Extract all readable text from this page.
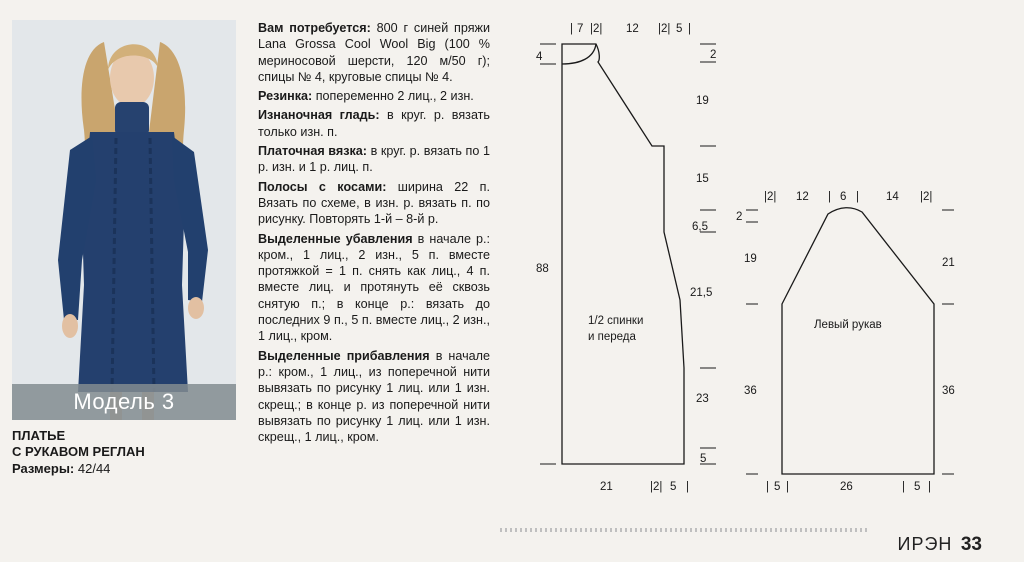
Модель 3
ПЛАТЬЕ
С РУКАВОМ РЕГЛАН
Размеры: 42/44

Вам потребуется: 800 г синей пряжи Lana Grossa Cool Wool Big (100 % мериносовой шерсти, 120 м/50 г); спицы № 4, круговые спицы № 4.

Резинка: попеременно 2 лиц., 2 изн.

Изнаночная гладь: в круг. р. вязать только изн. п.

Платочная вязка: в круг. р. вязать по 1 р. изн. и 1 р. лиц. п.

Полосы с косами: ширина 22 п. Вязать по схеме, в изн. р. вязать п. по рисунку. Повторять 1-й – 8-й р.

Выделенные убавления в начале р.: кром., 1 лиц., 2 изн., 5 п. вместе протяжкой = 1 п. снять как лиц., 4 п. вместе лиц. и протянуть её сквозь снятую п.; в конце р.: вязать до последних 9 п., 5 п. вместе лиц., 2 изн., 1 лиц., кром.

Выделенные прибавления в начале р.: кром., 1 лиц., из поперечной нити вывязать по рисунку 1 лиц. или 1 изн. скрещ.; в конце р. из поперечной нити вывязать по рисунку 1 лиц. или 1 изн. скрещ., 1 лиц., кром.

| 7 |2| 12 |2| 5 |
4	2
19
15
6,5
21,5
23
5
88
1/2 спинки
и переда
21	|2| 5 |
|2| 12 | 6 | 14 |2|
2
19
36
21
36
Левый рукав
| 5 |	26	| 5 |
ИРЭН 33
